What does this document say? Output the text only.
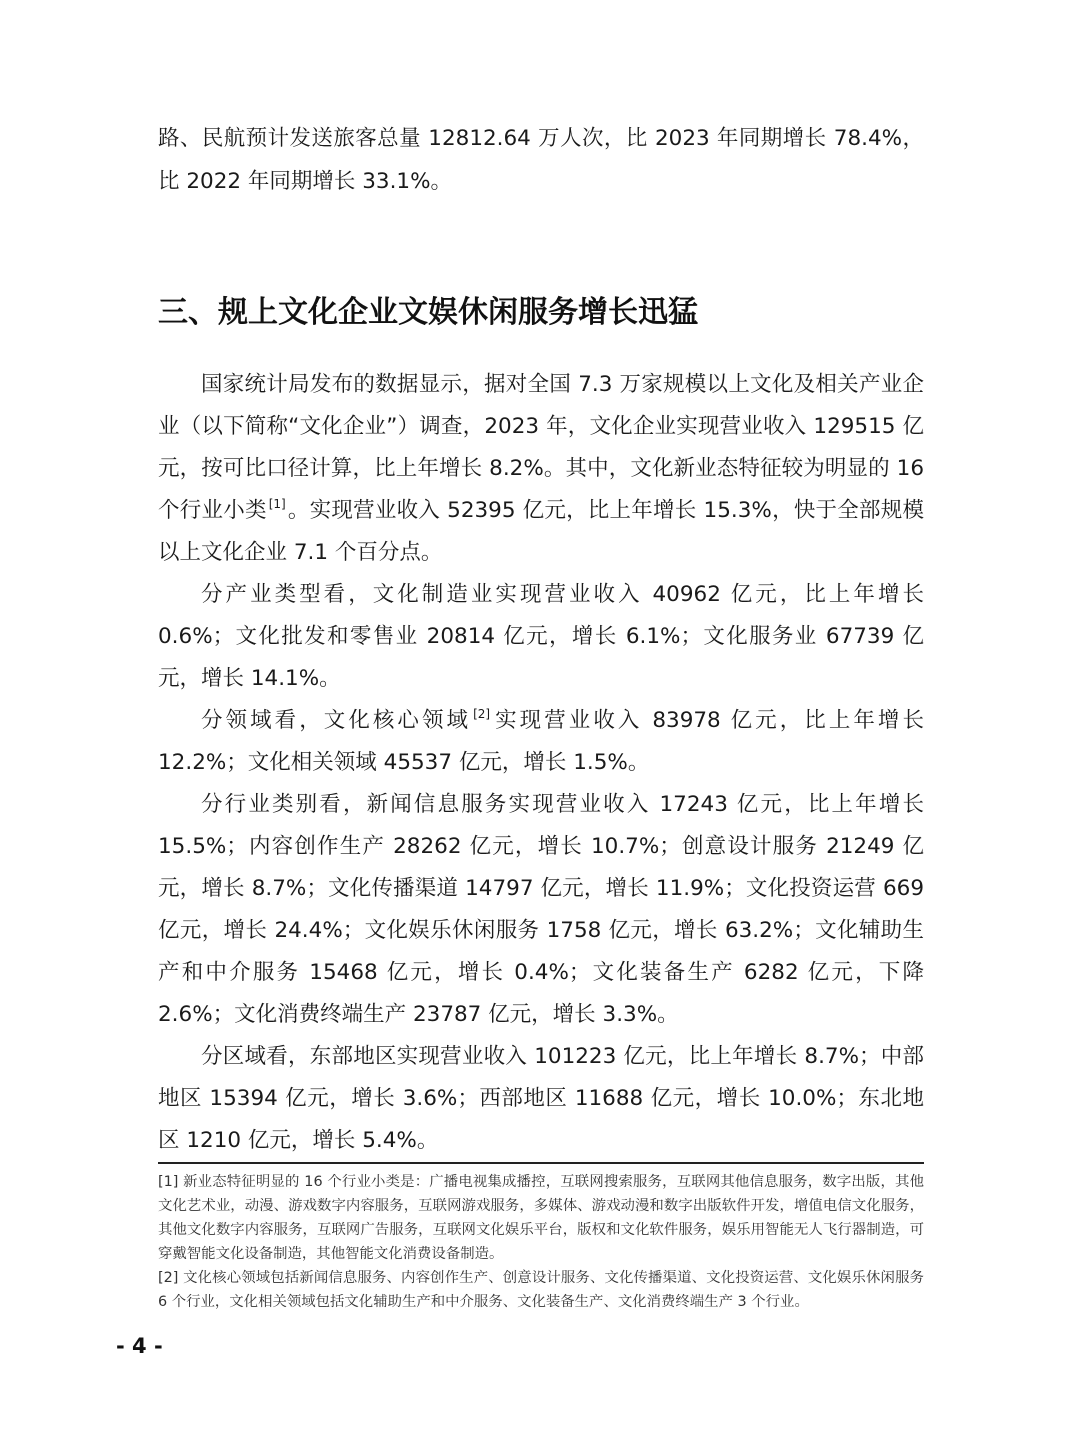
路、民航预计发送旅客总量 12812.64 万人次，比 2023 年同期增长 78.4%，比 2022 年同期增长 33.1%。

三、规上文化企业文娱休闲服务增长迅猛

国家统计局发布的数据显示，据对全国 7.3 万家规模以上文化及相关产业企业（以下简称“文化企业”）调查，2023 年，文化企业实现营业收入 129515 亿元，按可比口径计算，比上年增长 8.2%。其中，文化新业态特征较为明显的 16 个行业小类 [1]。实现营业收入 52395 亿元，比上年增长 15.3%，快于全部规模以上文化企业 7.1 个百分点。

分产业类型看，文化制造业实现营业收入 40962 亿元，比上年增长 0.6%；文化批发和零售业 20814 亿元，增长 6.1%；文化服务业 67739 亿元，增长 14.1%。

分领域看，文化核心领域 [2]实现营业收入 83978 亿元，比上年增长 12.2%；文化相关领域 45537 亿元，增长 1.5%。

分行业类别看，新闻信息服务实现营业收入 17243 亿元，比上年增长 15.5%；内容创作生产 28262 亿元，增长 10.7%；创意设计服务 21249 亿元，增长 8.7%；文化传播渠道 14797 亿元，增长 11.9%；文化投资运营 669 亿元，增长 24.4%；文化娱乐休闲服务 1758 亿元，增长 63.2%；文化辅助生产和中介服务 15468 亿元，增长 0.4%；文化装备生产 6282 亿元，下降 2.6%；文化消费终端生产 23787 亿元，增长 3.3%。

分区域看，东部地区实现营业收入 101223 亿元，比上年增长 8.7%；中部地区 15394 亿元，增长 3.6%；西部地区 11688 亿元，增长 10.0%；东北地区 1210 亿元，增长 5.4%。

[1] 新业态特征明显的 16 个行业小类是：广播电视集成播控，互联网搜索服务，互联网其他信息服务，数字出版，其他文化艺术业，动漫、游戏数字内容服务，互联网游戏服务，多媒体、游戏动漫和数字出版软件开发，增值电信文化服务，其他文化数字内容服务，互联网广告服务，互联网文化娱乐平台，版权和文化软件服务，娱乐用智能无人飞行器制造，可穿戴智能文化设备制造，其他智能文化消费设备制造。

[2] 文化核心领域包括新闻信息服务、内容创作生产、创意设计服务、文化传播渠道、文化投资运营、文化娱乐休闲服务 6 个行业，文化相关领域包括文化辅助生产和中介服务、文化装备生产、文化消费终端生产 3 个行业。

- 4 -
